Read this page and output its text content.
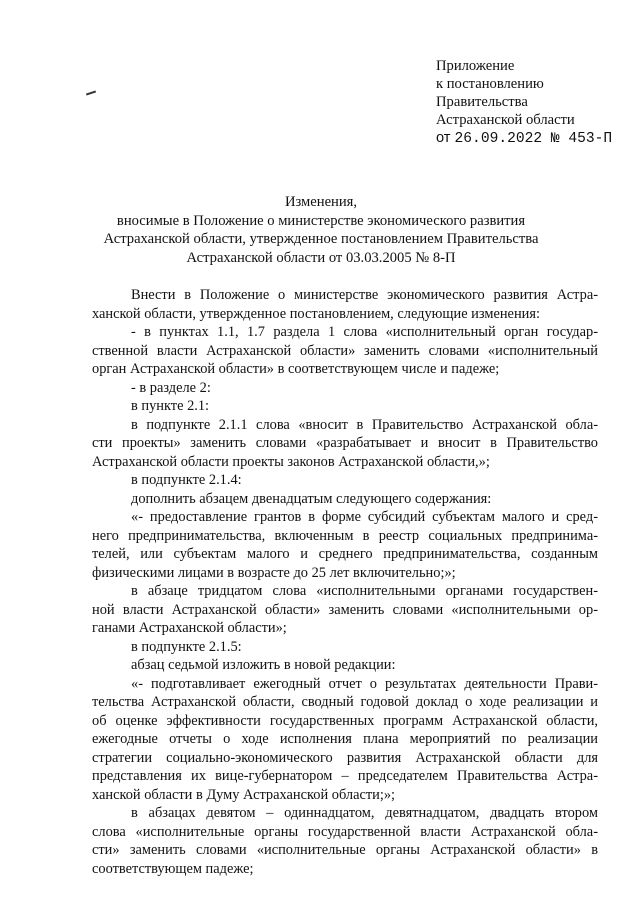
Приложение
к постановлению
Правительства
Астраханской области
от 26.09.2022 № 453-П
Изменения,
вносимые в Положение о министерстве экономического развития
Астраханской области, утвержденное постановлением Правительства
Астраханской области от 03.03.2005 № 8-П
Внести в Положение о министерстве экономического развития Астра-
ханской области, утвержденное постановлением, следующие изменения:
- в пунктах 1.1, 1.7 раздела 1 слова «исполнительный орган государ-
ственной власти Астраханской области» заменить словами «исполнительный
орган Астраханской области» в соответствующем числе и падеже;
- в разделе 2:
в пункте 2.1:
в подпункте 2.1.1 слова «вносит в Правительство Астраханской обла-
сти проекты» заменить словами «разрабатывает и вносит в Правительство
Астраханской области проекты законов Астраханской области,»;
в подпункте 2.1.4:
дополнить абзацем двенадцатым следующего содержания:
«- предоставление грантов в форме субсидий субъектам малого и сред-
него предпринимательства, включенным в реестр социальных предпринима-
телей, или субъектам малого и среднего предпринимательства, созданным
физическими лицами в возрасте до 25 лет включительно;»;
в абзаце тридцатом слова «исполнительными органами государствен-
ной власти Астраханской области» заменить словами «исполнительными ор-
ганами Астраханской области»;
в подпункте 2.1.5:
абзац седьмой изложить в новой редакции:
«- подготавливает ежегодный отчет о результатах деятельности Прави-
тельства Астраханской области, сводный годовой доклад о ходе реализации и
об оценке эффективности государственных программ Астраханской области,
ежегодные отчеты о ходе исполнения плана мероприятий по реализации
стратегии социально-экономического развития Астраханской области для
представления их вице-губернатором – председателем Правительства Астра-
ханской области в Думу Астраханской области;»;
в абзацах девятом – одиннадцатом, девятнадцатом, двадцать втором
слова «исполнительные органы государственной власти Астраханской обла-
сти» заменить словами «исполнительные органы Астраханской области» в
соответствующем падеже;
